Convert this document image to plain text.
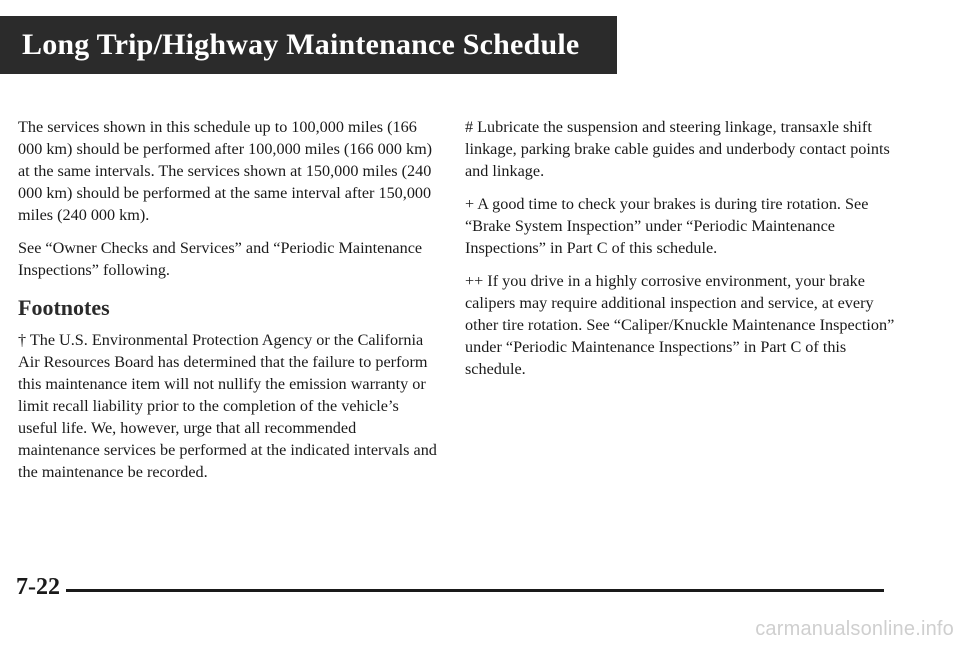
Long Trip/Highway Maintenance Schedule

The services shown in this schedule up to 100,000 miles (166 000 km) should be performed after 100,000 miles (166 000 km) at the same intervals. The services shown at 150,000 miles (240 000 km) should be performed at the same interval after 150,000 miles (240 000 km).

See “Owner Checks and Services” and “Periodic Maintenance Inspections” following.

Footnotes

† The U.S. Environmental Protection Agency or the California Air Resources Board has determined that the failure to perform this maintenance item will not nullify the emission warranty or limit recall liability prior to the completion of the vehicle’s useful life. We, however, urge that all recommended maintenance services be performed at the indicated intervals and the maintenance be recorded.

# Lubricate the suspension and steering linkage, transaxle shift linkage, parking brake cable guides and underbody contact points and linkage.

+ A good time to check your brakes is during tire rotation. See “Brake System Inspection” under “Periodic Maintenance Inspections” in Part C of this schedule.

++ If you drive in a highly corrosive environment, your brake calipers may require additional inspection and service, at every other tire rotation. See “Caliper/Knuckle Maintenance Inspection” under “Periodic Maintenance Inspections” in Part C of this schedule.

7-22
carmanualsonline.info
